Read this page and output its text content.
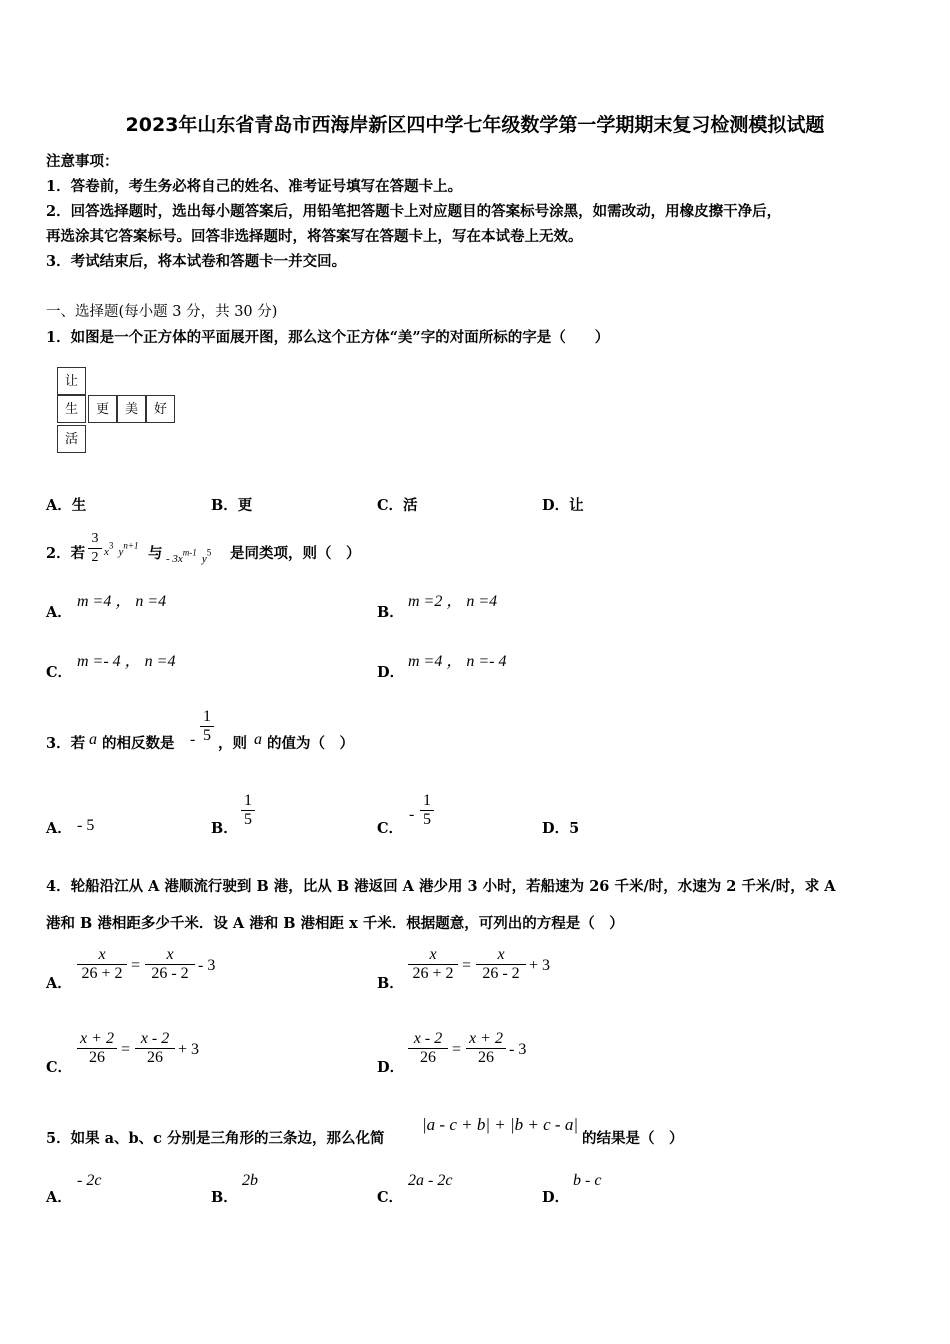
2023年山东省青岛市西海岸新区四中学七年级数学第一学期期末复习检测模拟试题
注意事项：
1．答卷前，考生务必将自己的姓名、准考证号填写在答题卡上。
2．回答选择题时，选出每小题答案后，用铅笔把答题卡上对应题目的答案标号涂黑，如需改动，用橡皮擦干净后，
再选涂其它答案标号。回答非选择题时，将答案写在答题卡上，写在本试卷上无效。
3．考试结束后，将本试卷和答题卡一并交回。
一、选择题(每小题 3 分，共 30 分)
1．如图是一个正方体的平面展开图，那么这个正方体“美”字的对面所标的字是（　　）
让
生	更	美	好
活
A．生	B．更	C．活	D．让
2．若
3
2 $x^3$ $y^{n+1}$ 与 - $3x^{m-1}$ $y^5$ 是同类项，则（　）
A．
m =4 ， n =4
B．
m =2 ， n =4
C．
m =- 4 ， n =4
D．
m =4 ， n =- 4
3．若 a 的相反数是 -
1
5 ，则 a 的值为（　）
A． - 5	B．
1
5
C．
-
1
5
D．5
4．轮船沿江从 A 港顺流行驶到 B 港，比从 B 港返回 A 港少用 3 小时，若船速为 26 千米/时，水速为 2 千米/时，求 A
港和 B 港相距多少千米．设 A 港和 B 港相距 x 千米．根据题意，可列出的方程是（　）
A．
x
26 + 2 =
x
26 - 2 - 3
B．
x
26 + 2 =
x
26 - 2 + 3
C．
x + 2
26	=
x - 2
26 + 3
D．
x - 2
26	=
x + 2
26 - 3
5．如果 a、b、c 分别是三角形的三条边，那么化简
|a - c + b| + |b + c - a|
的结果是（　）
A．
- 2c
B．
2b
C．
2a - 2c
D．
b - c
